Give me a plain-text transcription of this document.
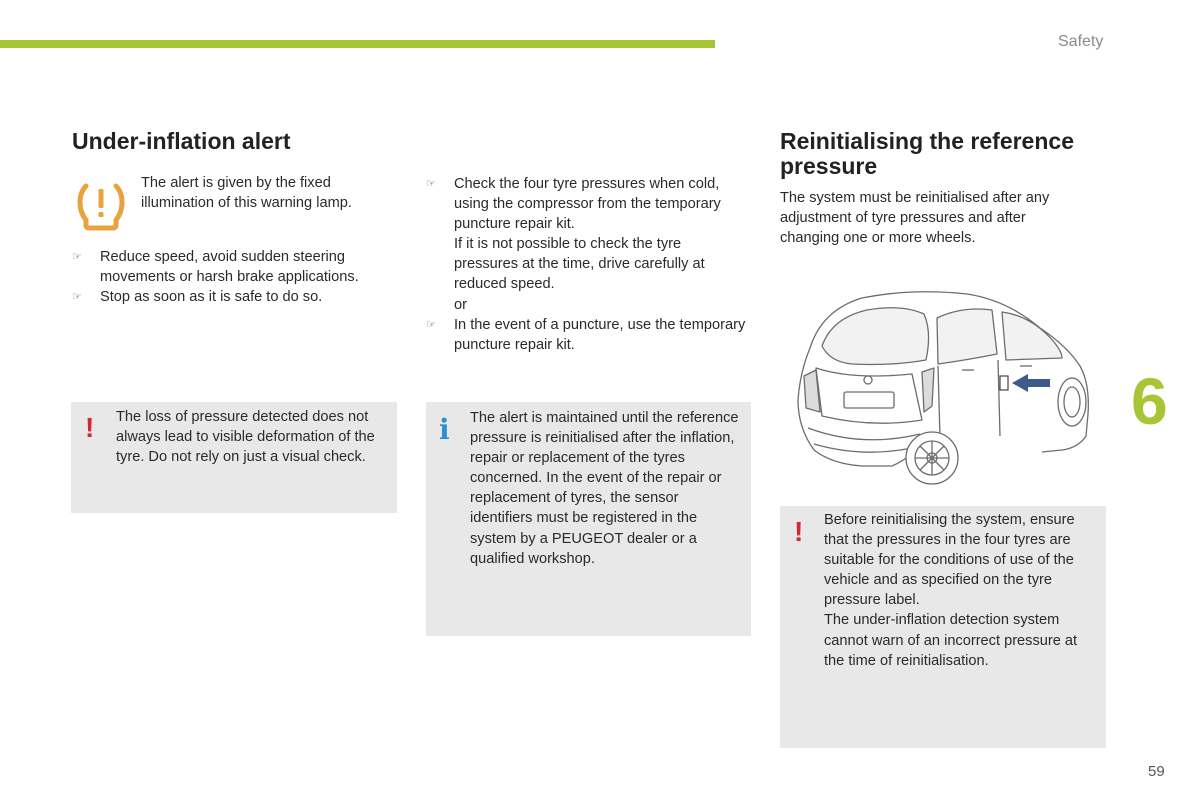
Safety
Under-inflation alert
The alert is given by the fixed illumination of this warning lamp.
☞ Reduce speed, avoid sudden steering movements or harsh brake applications.
☞ Stop as soon as it is safe to do so.
! The loss of pressure detected does not always lead to visible deformation of the tyre. Do not rely on just a visual check.
☞ Check the four tyre pressures when cold,
using the compressor from the temporary
puncture repair kit.
If it is not possible to check the tyre
pressures at the time, drive carefully at
reduced speed.
or
☞ In the event of a puncture, use the temporary puncture repair kit.
i The alert is maintained until the reference pressure is reinitialised after the inflation, repair or replacement of the tyres concerned. In the event of the repair or replacement of tyres, the sensor identifiers must be registered in the system by a PEUGEOT dealer or a qualified workshop.
Reinitialising the reference pressure
The system must be reinitialised after any adjustment of tyre pressures and after changing one or more wheels.
! Before reinitialising the system, ensure that the pressures in the four tyres are suitable for the conditions of use of the vehicle and as specified on the tyre pressure label.
The under-inflation detection system cannot warn of an incorrect pressure at the time of reinitialisation.
6
59
